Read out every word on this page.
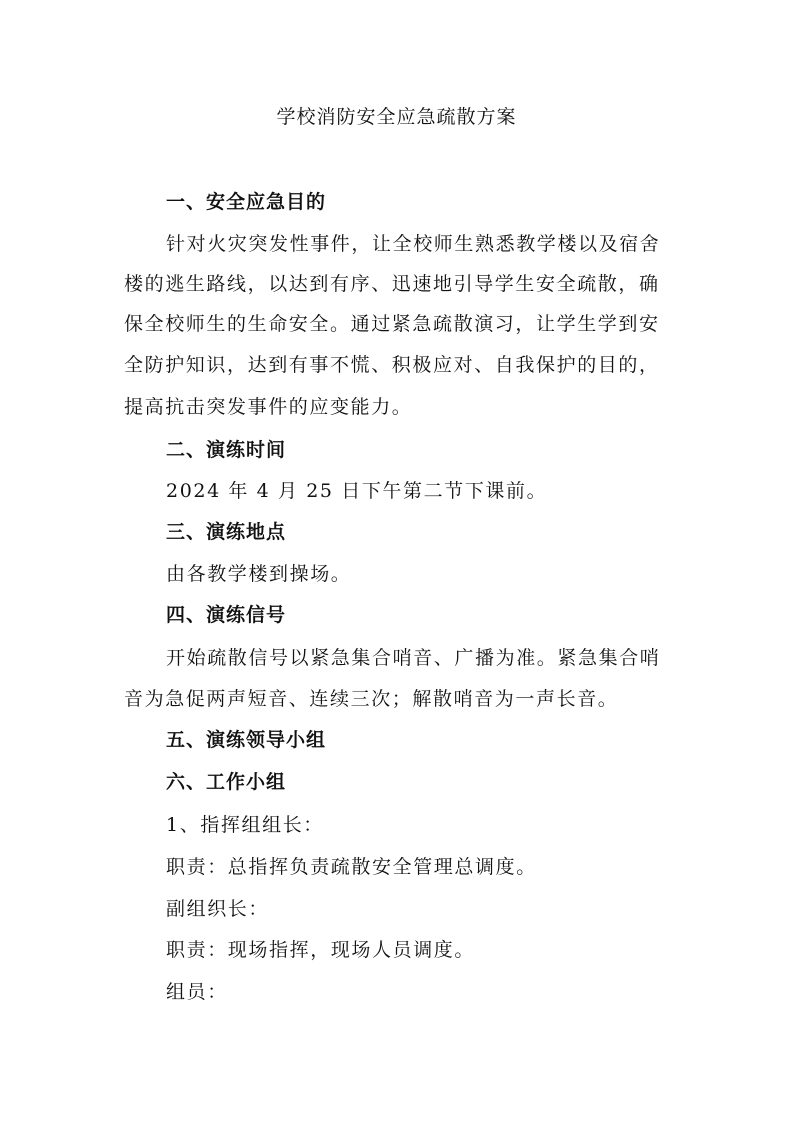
学校消防安全应急疏散方案
一、安全应急目的
针对火灾突发性事件，让全校师生熟悉教学楼以及宿舍
楼的逃生路线，以达到有序、迅速地引导学生安全疏散，确
保全校师生的生命安全。通过紧急疏散演习，让学生学到安
全防护知识，达到有事不慌、积极应对、自我保护的目的，
提高抗击突发事件的应变能力。
二、演练时间
2024 年 4 月 25 日下午第二节下课前。
三、演练地点
由各教学楼到操场。
四、演练信号
开始疏散信号以紧急集合哨音、广播为准。紧急集合哨
音为急促两声短音、连续三次；解散哨音为一声长音。
五、演练领导小组
六、工作小组
1、指挥组组长：
职责：总指挥负责疏散安全管理总调度。
副组织长：
职责：现场指挥，现场人员调度。
组员：
